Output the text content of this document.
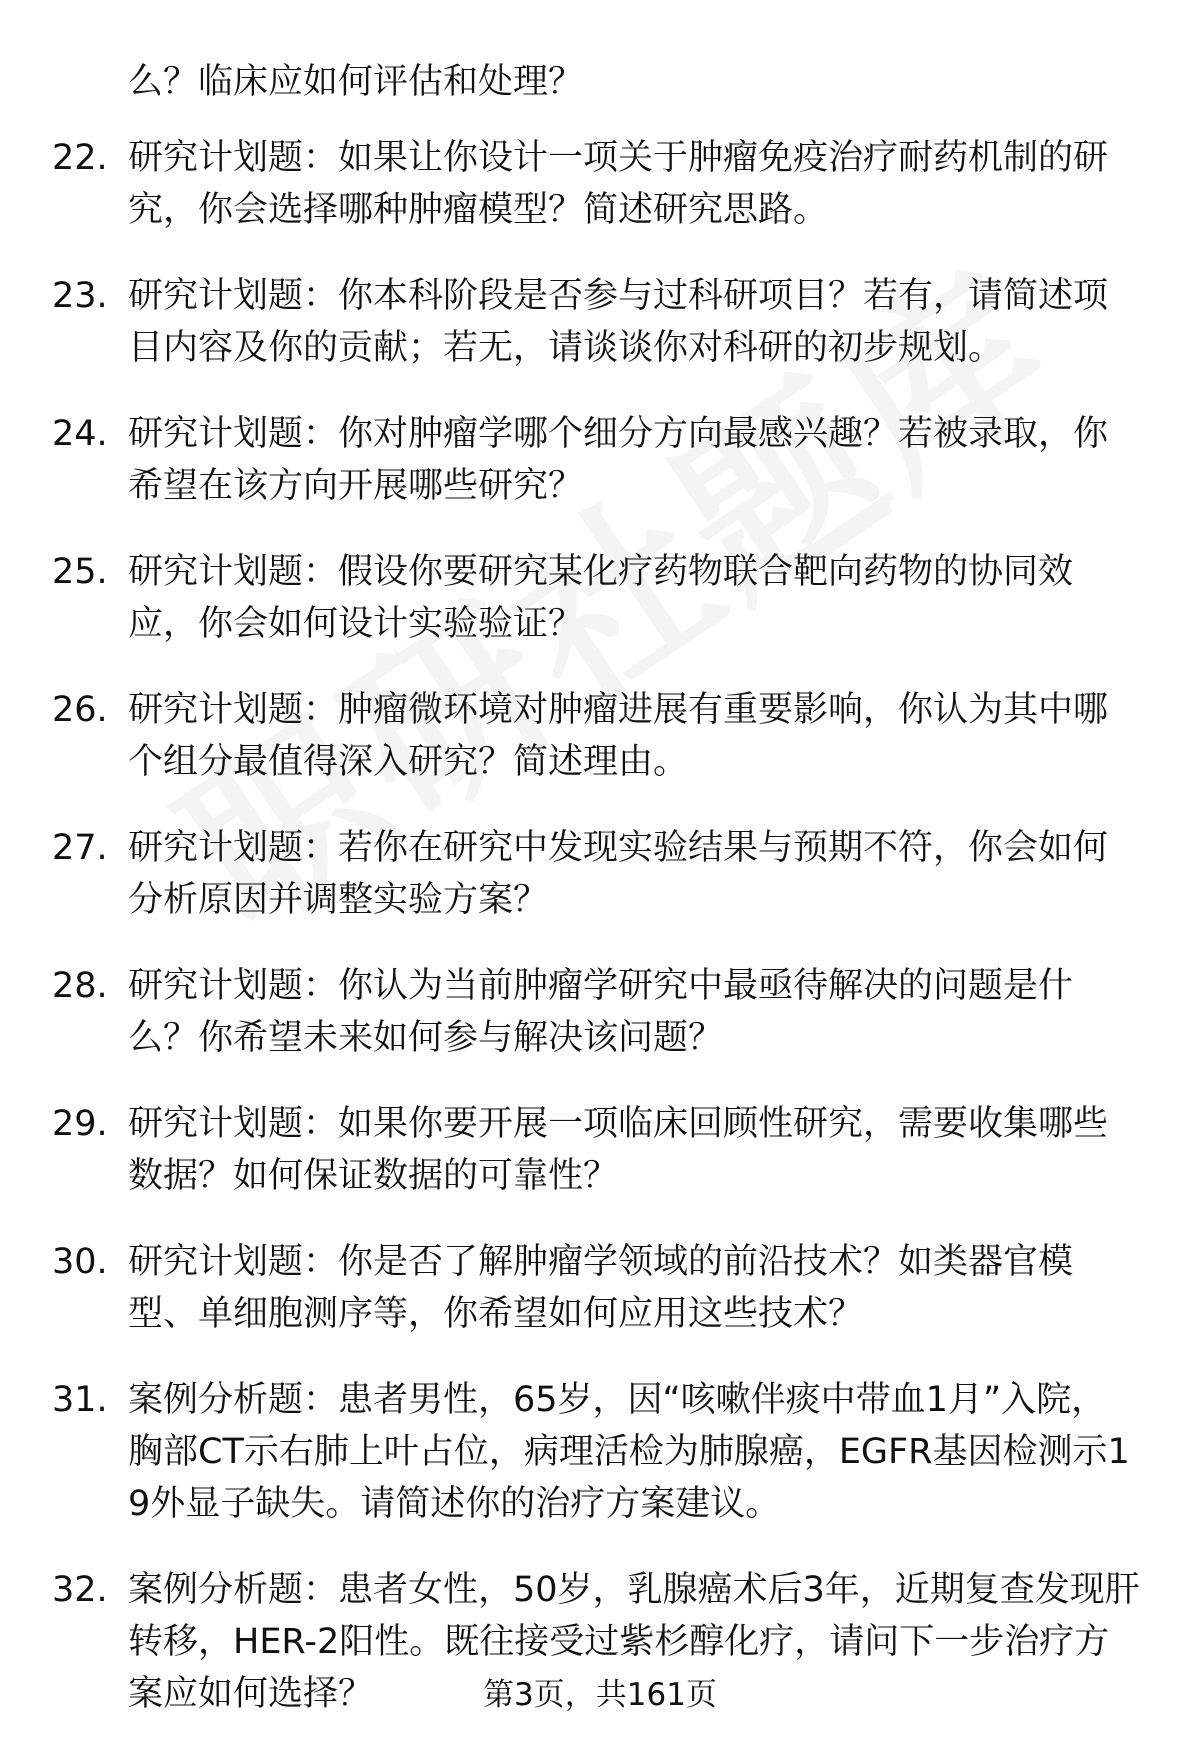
么？临床应如何评估和处理？
22. 研究计划题：如果让你设计一项关于肿瘤免疫治疗耐药机制的研究，你会选择哪种肿瘤模型？简述研究思路。
23. 研究计划题：你本科阶段是否参与过科研项目？若有，请简述项目内容及你的贡献；若无，请谈谈你对科研的初步规划。
24. 研究计划题：你对肿瘤学哪个细分方向最感兴趣？若被录取，你希望在该方向开展哪些研究？
25. 研究计划题：假设你要研究某化疗药物联合靶向药物的协同效应，你会如何设计实验验证？
26. 研究计划题：肿瘤微环境对肿瘤进展有重要影响，你认为其中哪个组分最值得深入研究？简述理由。
27. 研究计划题：若你在研究中发现实验结果与预期不符，你会如何分析原因并调整实验方案？
28. 研究计划题：你认为当前肿瘤学研究中最亟待解决的问题是什么？你希望未来如何参与解决该问题？
29. 研究计划题：如果你要开展一项临床回顾性研究，需要收集哪些数据？如何保证数据的可靠性？
30. 研究计划题：你是否了解肿瘤学领域的前沿技术？如类器官模型、单细胞测序等，你希望如何应用这些技术？
31. 案例分析题：患者男性，65岁，因“咳嗽伴痰中带血1月”入院，胸部CT示右肺上叶占位，病理活检为肺腺癌，EGFR基因检测示19外显子缺失。请简述你的治疗方案建议。
32. 案例分析题：患者女性，50岁，乳腺癌术后3年，近期复查发现肝转移，HER-2阳性。既往接受过紫杉醇化疗，请问下一步治疗方案应如何选择？	第3页，共161页
